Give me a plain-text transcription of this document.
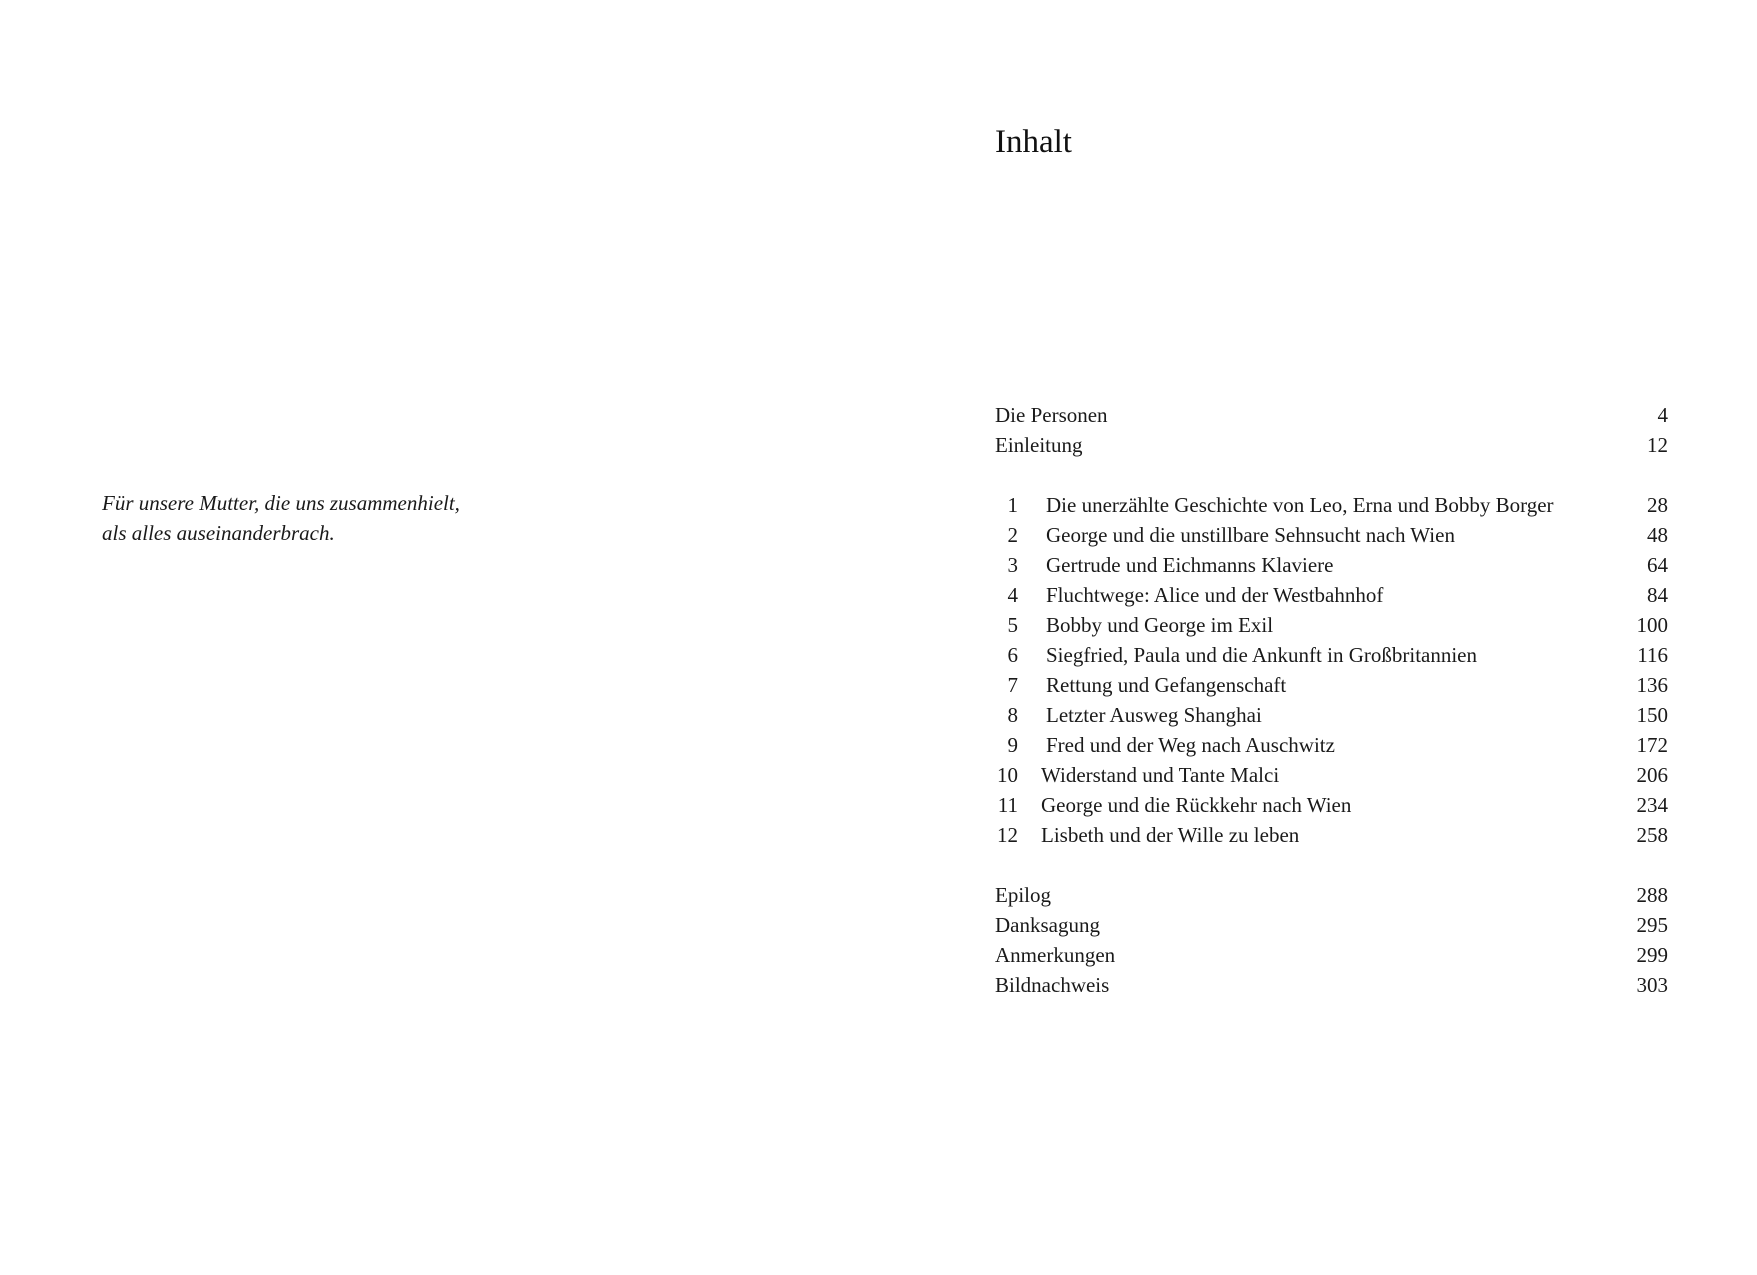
Für unsere Mutter, die uns zusammenhielt,
als alles auseinanderbrach.
Inhalt
Die Personen	4
Einleitung	12
1 Die unerzählte Geschichte von Leo, Erna und Bobby Borger	28
2 George und die unstillbare Sehnsucht nach Wien	48
3 Gertrude und Eichmanns Klaviere	64
4 Fluchtwege: Alice und der Westbahnhof	84
5 Bobby und George im Exil	100
6 Siegfried, Paula und die Ankunft in Großbritannien	116
7 Rettung und Gefangenschaft	136
8 Letzter Ausweg Shanghai	150
9 Fred und der Weg nach Auschwitz	172
10 Widerstand und Tante Malci	206
11 George und die Rückkehr nach Wien	234
12 Lisbeth und der Wille zu leben	258
Epilog	288
Danksagung	295
Anmerkungen	299
Bildnachweis	303
